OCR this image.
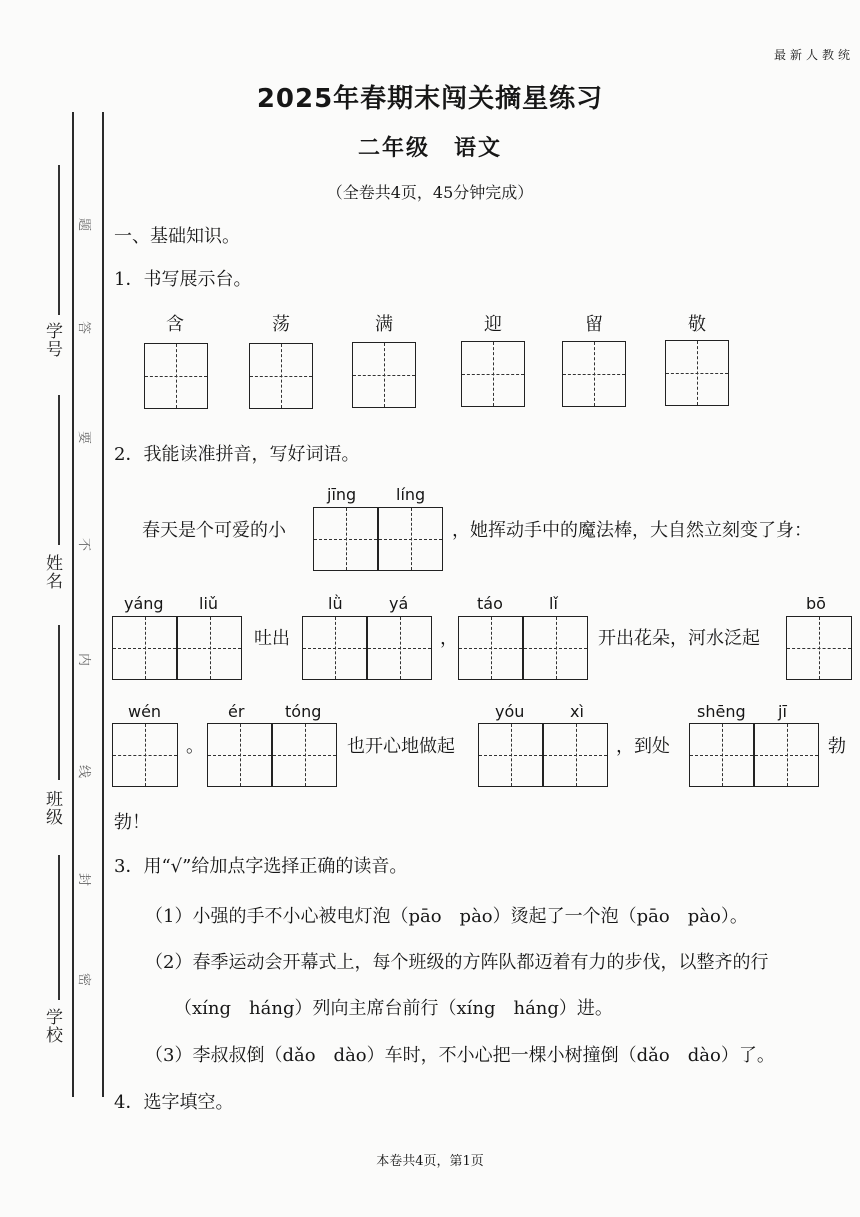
学号
姓名
班级
学校
题
答
要
不
内
线
封
密
最新人教统
2025年春期末闯关摘星练习
二年级　语文
（全卷共4页，45分钟完成）
一、基础知识。
1．书写展示台。
含	荡	满	迎	留	敬
2．我能读准拼音，写好词语。
jīng líng
春天是个可爱的小	，她挥动手中的魔法棒，大自然立刻变了身：
yáng liǔ
吐出
lǜ	yá
，
táo	lǐ
开出花朵，河水泛起
bō
wén
。
ér	tóng
也开心地做起
yóu	xì
，到处
shēng jī
勃
勃！
3．用“√”给加点字选择正确的读音。
（1）小强的手不小心被电灯泡（pāo　pào）烫起了一个泡（pāo　pào）。
（2）春季运动会开幕式上，每个班级的方阵队都迈着有力的步伐，以整齐的行
（xíng　háng）列向主席台前行（xíng　háng）进。
（3）李叔叔倒（dǎo　dào）车时，不小心把一棵小树撞倒（dǎo　dào）了。
4．选字填空。
本卷共4页，第1页
